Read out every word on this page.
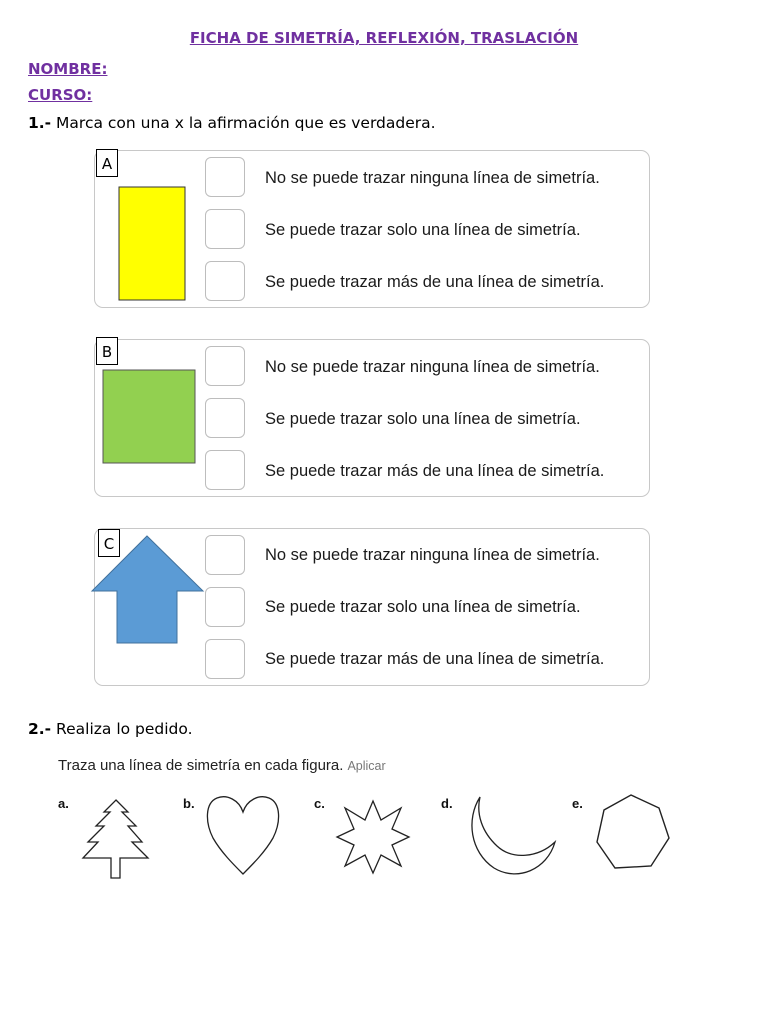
FICHA DE SIMETRÍA, REFLEXIÓN, TRASLACIÓN
NOMBRE:
CURSO:
1.- Marca con una x la afirmación que es verdadera.
A
No se puede trazar ninguna línea de simetría.
Se puede trazar solo una línea de simetría.
Se puede trazar más de una línea de simetría.
B
No se puede trazar ninguna línea de simetría.
Se puede trazar solo una línea de simetría.
Se puede trazar más de una línea de simetría.
C
No se puede trazar ninguna línea de simetría.
Se puede trazar solo una línea de simetría.
Se puede trazar más de una línea de simetría.
2.- Realiza lo pedido.
Traza una línea de simetría en cada figura. Aplicar
a.	b.	c.	d.	e.
